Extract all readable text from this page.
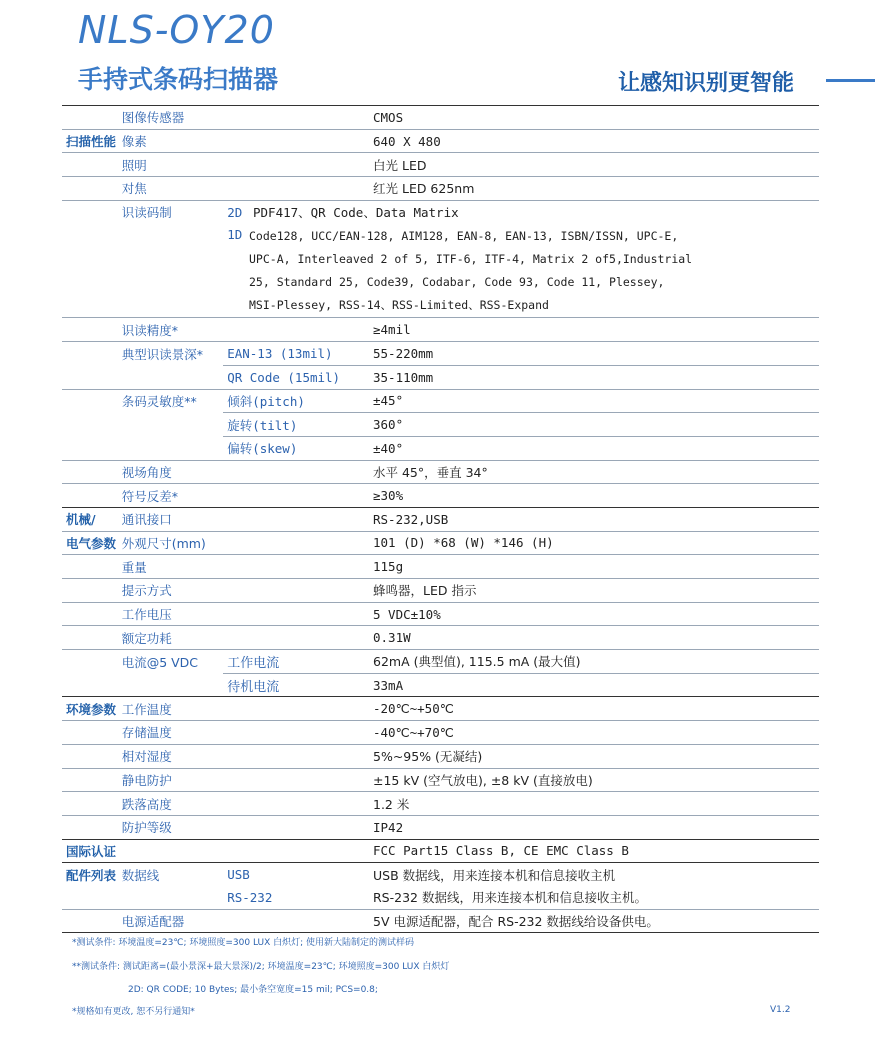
NLS-OY20
手持式条码扫描器	让感知识别更智能
	图像传感器		CMOS
扫描性能	像素		640 X 480
	照明		白光 LED
	对焦		红光 LED 625nm
	识读码制	2D	PDF417、QR Code、Data Matrix
		1D	Code128, UCC/EAN-128, AIM128, EAN-8, EAN-13, ISBN/ISSN, UPC-E,
UPC-A, Interleaved 2 of 5, ITF-6, ITF-4, Matrix 2 of5,Industrial
25, Standard 25, Code39, Codabar, Code 93, Code 11, Plessey,
MSI-Plessey, RSS-14、RSS-Limited、RSS-Expand

	识读精度*		≥4mil
	典型识读景深*	EAN-13 (13mil)	55-220mm
		QR Code (15mil)	35-110mm
	条码灵敏度**	倾斜(pitch)	±45°
		旋转(tilt)	360°
		偏转(skew)	±40°
	视场角度		水平 45°，垂直 34°
	符号反差*		≥30%
机械/	通讯接口		RS-232,USB
电气参数	外观尺寸(mm)		101 (D) *68 (W) *146 (H)
	重量		115g
	提示方式		蜂鸣器，LED 指示
	工作电压		5 VDC±10%
	额定功耗		0.31W
	电流@5 VDC	工作电流	62mA (典型值), 115.5 mA (最大值)
		待机电流	33mA
环境参数	工作温度		-20℃~+50℃
	存储温度		-40℃~+70℃
	相对湿度		5%~95% (无凝结)
	静电防护		±15 kV (空气放电), ±8 kV (直接放电)
	跌落高度		1.2 米
	防护等级		IP42
国际认证			FCC Part15 Class B, CE EMC Class B
配件列表	数据线	USB	USB 数据线，用来连接本机和信息接收主机
		RS-232	RS-232 数据线，用来连接本机和信息接收主机。
	电源适配器		5V 电源适配器，配合 RS-232 数据线给设备供电。
*测试条件: 环境温度=23℃; 环境照度=300 LUX 白炽灯; 使用新大陆制定的测试样码
**测试条件: 测试距离=(最小景深+最大景深)/2; 环境温度=23℃; 环境照度=300 LUX 白炽灯
2D: QR CODE; 10 Bytes; 最小条空宽度=15 mil; PCS=0.8;
*规格如有更改, 恕不另行通知*	V1.2
